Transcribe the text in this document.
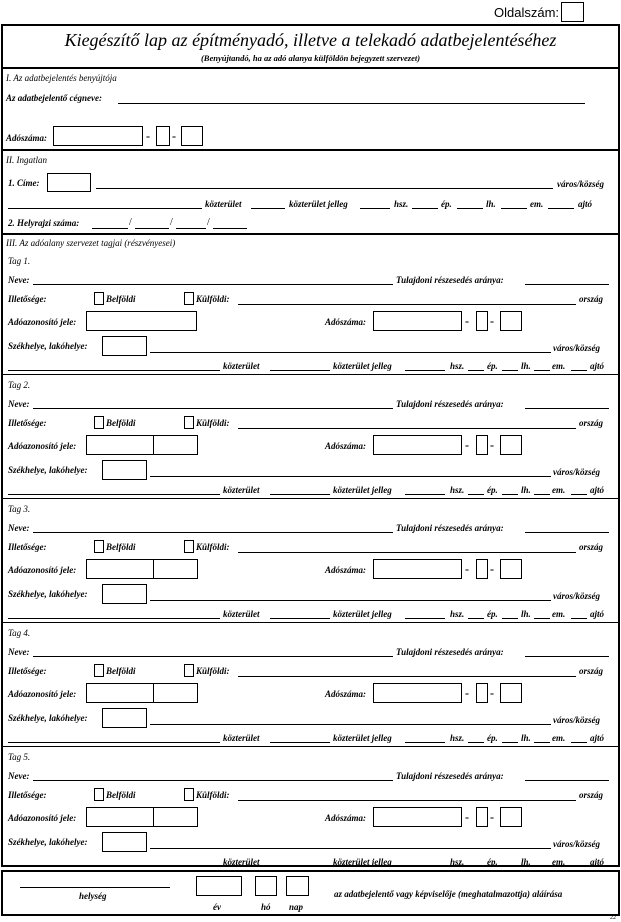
Oldalszám:
Kiegészítő lap az építményadó, illetve a telekadó adatbejelentéséhez
(Benyújtandó, ha az adó alanya külföldön bejegyzett szervezet)
I. Az adatbejelentés benyújtója
Az adatbejelentő cégneve:
Adószáma:	- -
II. Ingatlan
1. Címe:	város/község
közterület	közterület jelleg	hsz.	ép.	lh.	em.	ajtó
2. Helyrajzi száma:	/	/	/
III. Az adóalany szervezet tagjai (részvényesei)
Tag 1.
Neve:	Tulajdoni részesedés aránya:
Illetősége:	Belföldi	Külföldi:	ország
Adóazonosító jele:	Adószáma:	- -
Székhelye, lakóhelye:	város/község
közterület	közterület jelleg	hsz.	ép.	lh. em.	ajtó
Tag 2.
Neve:	Tulajdoni részesedés aránya:
Illetősége:	Belföldi	Külföldi:	ország
Adóazonosító jele:	Adószáma:	- -
Székhelye, lakóhelye:	város/község
közterület	közterület jelleg	hsz.	ép.	lh. em.	ajtó
Tag 3.
Neve:	Tulajdoni részesedés aránya:
Illetősége:	Belföldi	Külföldi:	ország
Adóazonosító jele:	Adószáma:	- -
Székhelye, lakóhelye:	város/község
közterület	közterület jelleg	hsz.	ép.	lh. em.	ajtó
Tag 4.
Neve:	Tulajdoni részesedés aránya:
Illetősége:	Belföldi	Külföldi:	ország
Adóazonosító jele:	Adószáma:	- -
Székhelye, lakóhelye:	város/község
közterület	közterület jelleg	hsz.	ép.	lh. em.	ajtó
Tag 5.
Neve:	Tulajdoni részesedés aránya:
Illetősége:	Belföldi	Külföldi:	ország
Adóazonosító jele:	Adószáma:	- -
Székhelye, lakóhelye:	város/község
közterület	közterület jelleg	hsz.	ép.	lh. em.	ajtó
helység
év	hó nap
az adatbejelentő vagy képviselője (meghatalmazottja) aláírása
22
